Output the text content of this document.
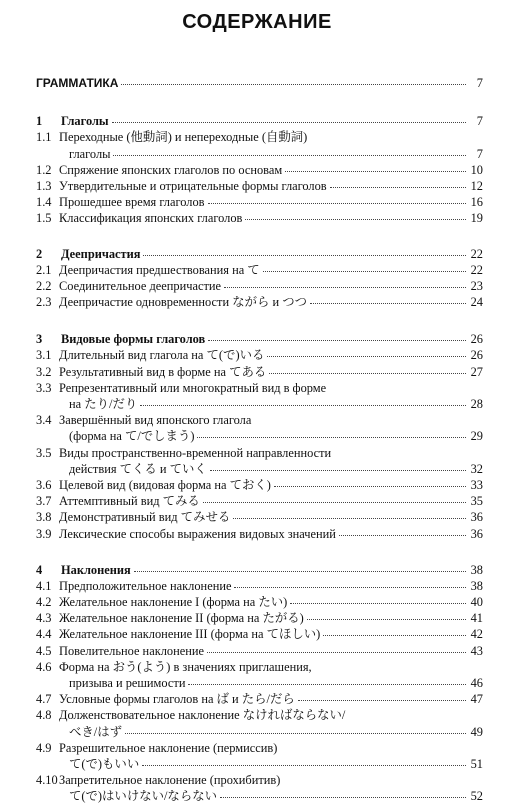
СОДЕРЖАНИЕ
ГРАММАТИКА	7
1 Глаголы	7
1.1 Переходные (他動詞) и непереходные (自動詞)
глаголы	7
1.2 Спряжение японских глаголов по основам	10
1.3 Утвердительные и отрицательные формы глаголов	12
1.4 Прошедшее время глаголов	16
1.5 Классификация японских глаголов	19
2 Деепричастия	22
2.1 Деепричастия предшествования на て	22
2.2 Соединительное деепричастие	23
2.3 Деепричастие одновременности ながら и つつ	24
3 Видовые формы глаголов	26
3.1 Длительный вид глагола на て(で)いる	26
3.2 Результативный вид в форме на てある	27
3.3 Репрезентативный или многократный вид в форме
на たり/だり	28
3.4 Завершённый вид японского глагола
(форма на て/でしまう)	29
3.5 Виды пространственно-временной направленности
действия てくる и ていく	32
3.6 Целевой вид (видовая форма на ておく)	33
3.7 Аттемптивный вид てみる	35
3.8 Демонстративный вид てみせる	36
3.9 Лексические способы выражения видовых значений	36
4 Наклонения	38
4.1 Предположительное наклонение	38
4.2 Желательное наклонение I (форма на たい)	40
4.3 Желательное наклонение II (форма на たがる)	41
4.4 Желательное наклонение III (форма на てほしい)	42
4.5 Повелительное наклонение	43
4.6 Форма на おう(よう) в значениях приглашения,
призыва и решимости	46
4.7 Условные формы глаголов на ば и たら/だら	47
4.8 Долженствовательное наклонение なければならない/
べき/はず	49
4.9 Разрешительное наклонение (пермиссив)
て(で)もいい	51
4.10 Запретительное наклонение (прохибитив)
て(で)はいけない/ならない	52
